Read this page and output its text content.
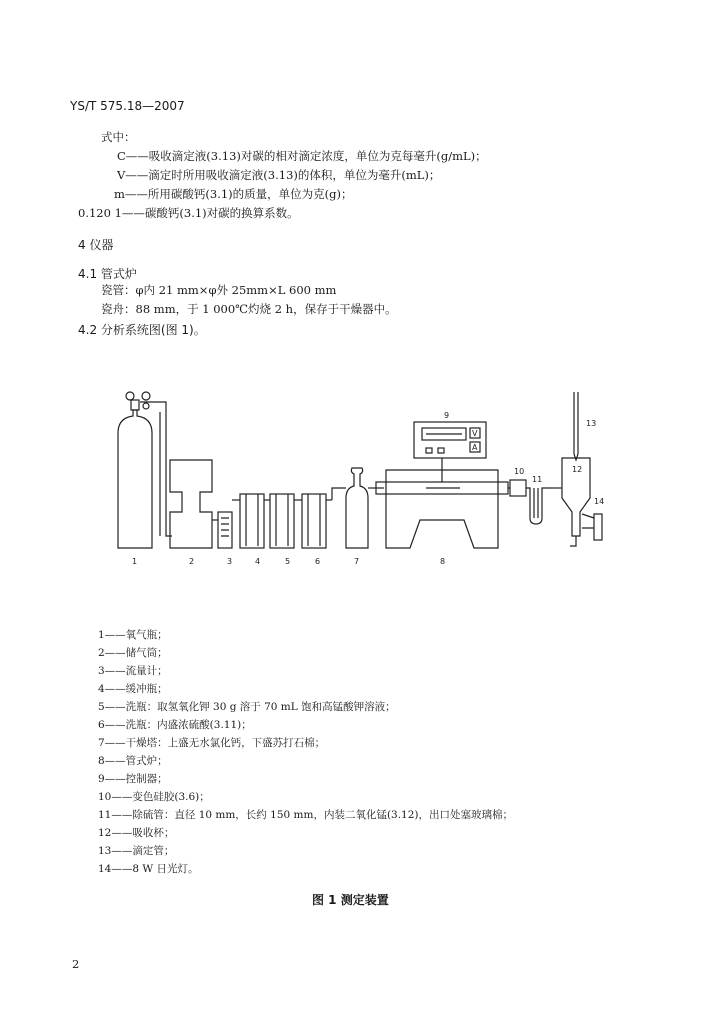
YS/T 575.18—2007
式中：
C——吸收滴定液(3.13)对碳的相对滴定浓度，单位为克每毫升(g/mL)；
V——滴定时所用吸收滴定液(3.13)的体积，单位为毫升(mL)；
m——所用碳酸钙(3.1)的质量，单位为克(g)；
0.120 1——碳酸钙(3.1)对碳的换算系数。
4 仪器
4.1 管式炉
瓷管：φ内 21 mm×φ外 25mm×L 600 mm
瓷舟：88 mm，于 1 000℃灼烧 2 h，保存于干燥器中。
4.2 分析系统图(图 1)。
V
A
1	2	3	4	5	6	7	8
9
10
11
12
13
14
1——氧气瓶；
2——储气筒；
3——流量计；
4——缓冲瓶；
5——洗瓶：取氢氧化钾 30 g 溶于 70 mL 饱和高锰酸钾溶液；
6——洗瓶：内盛浓硫酸(3.11)；
7——干燥塔：上盛无水氯化钙，下盛苏打石棉；
8——管式炉；
9——控制器；
10——变色硅胶(3.6)；
11——除硫管：直径 10 mm，长约 150 mm，内装二氧化锰(3.12)，出口处塞玻璃棉；
12——吸收杯；
13——滴定管；
14——8 W 日光灯。
图 1 测定装置
2
